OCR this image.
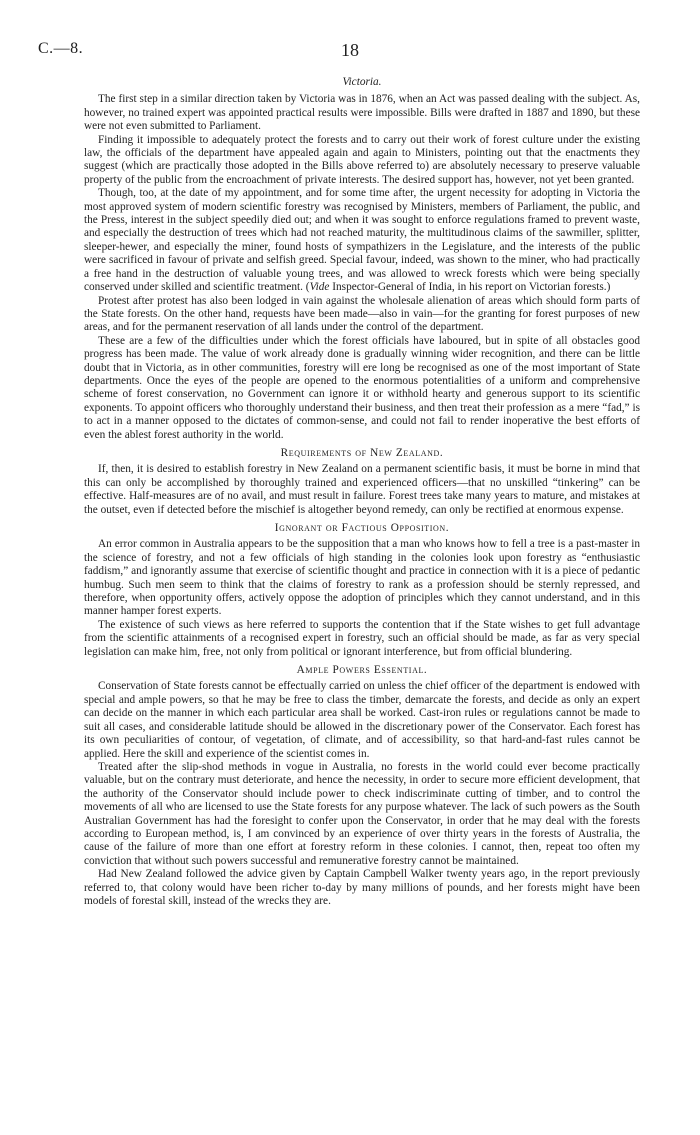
C.—8.	18
Victoria.

The first step in a similar direction taken by Victoria was in 1876, when an Act was passed dealing with the subject. As, however, no trained expert was appointed practical results were impossible. Bills were drafted in 1887 and 1890, but these were not even submitted to Parliament.

Finding it impossible to adequately protect the forests and to carry out their work of forest culture under the existing law, the officials of the department have appealed again and again to Ministers, pointing out that the enactments they suggest (which are practically those adopted in the Bills above referred to) are absolutely necessary to preserve valuable property of the public from the encroachment of private interests. The desired support has, however, not yet been granted.

Though, too, at the date of my appointment, and for some time after, the urgent necessity for adopting in Victoria the most approved system of modern scientific forestry was recognised by Ministers, members of Parliament, the public, and the Press, interest in the subject speedily died out; and when it was sought to enforce regulations framed to prevent waste, and especially the destruction of trees which had not reached maturity, the multitudinous claims of the sawmiller, splitter, sleeper-hewer, and especially the miner, found hosts of sympathizers in the Legislature, and the interests of the public were sacrificed in favour of private and selfish greed. Special favour, indeed, was shown to the miner, who had practically a free hand in the destruction of valuable young trees, and was allowed to wreck forests which were being specially conserved under skilled and scientific treatment. (Vide Inspector-General of India, in his report on Victorian forests.)

Protest after protest has also been lodged in vain against the wholesale alienation of areas which should form parts of the State forests. On the other hand, requests have been made—also in vain—for the granting for forest purposes of new areas, and for the permanent reservation of all lands under the control of the department.

These are a few of the difficulties under which the forest officials have laboured, but in spite of all obstacles good progress has been made. The value of work already done is gradually winning wider recognition, and there can be little doubt that in Victoria, as in other communities, forestry will ere long be recognised as one of the most important of State departments. Once the eyes of the people are opened to the enormous potentialities of a uniform and comprehensive scheme of forest conservation, no Government can ignore it or withhold hearty and generous support to its scientific exponents. To appoint officers who thoroughly understand their business, and then treat their profession as a mere “fad,” is to act in a manner opposed to the dictates of common-sense, and could not fail to render inoperative the best efforts of even the ablest forest authority in the world.

Requirements of New Zealand.

If, then, it is desired to establish forestry in New Zealand on a permanent scientific basis, it must be borne in mind that this can only be accomplished by thoroughly trained and experienced officers—that no unskilled “tinkering” can be effective. Half-measures are of no avail, and must result in failure. Forest trees take many years to mature, and mistakes at the outset, even if detected before the mischief is altogether beyond remedy, can only be rectified at enormous expense.

Ignorant or Factious Opposition.

An error common in Australia appears to be the supposition that a man who knows how to fell a tree is a past-master in the science of forestry, and not a few officials of high standing in the colonies look upon forestry as “enthusiastic faddism,” and ignorantly assume that exercise of scientific thought and practice in connection with it is a piece of pedantic humbug. Such men seem to think that the claims of forestry to rank as a profession should be sternly repressed, and therefore, when opportunity offers, actively oppose the adoption of principles which they cannot understand, and in this manner hamper forest experts.

The existence of such views as here referred to supports the contention that if the State wishes to get full advantage from the scientific attainments of a recognised expert in forestry, such an official should be made, as far as very special legislation can make him, free, not only from political or ignorant interference, but from official blundering.

Ample Powers Essential.

Conservation of State forests cannot be effectually carried on unless the chief officer of the department is endowed with special and ample powers, so that he may be free to class the timber, demarcate the forests, and decide as only an expert can decide on the manner in which each particular area shall be worked. Cast-iron rules or regulations cannot be made to suit all cases, and considerable latitude should be allowed in the discretionary power of the Conservator. Each forest has its own peculiarities of contour, of vegetation, of climate, and of accessibility, so that hard-and-fast rules cannot be applied. Here the skill and experience of the scientist comes in.

Treated after the slip-shod methods in vogue in Australia, no forests in the world could ever become practically valuable, but on the contrary must deteriorate, and hence the necessity, in order to secure more efficient development, that the authority of the Conservator should include power to check indiscriminate cutting of timber, and to control the movements of all who are licensed to use the State forests for any purpose whatever. The lack of such powers as the South Australian Government has had the foresight to confer upon the Conservator, in order that he may deal with the forests according to European method, is, I am convinced by an experience of over thirty years in the forests of Australia, the cause of the failure of more than one effort at forestry reform in these colonies. I cannot, then, repeat too often my conviction that without such powers successful and remunerative forestry cannot be maintained.

Had New Zealand followed the advice given by Captain Campbell Walker twenty years ago, in the report previously referred to, that colony would have been richer to-day by many millions of pounds, and her forests might have been models of forestal skill, instead of the wrecks they are.
